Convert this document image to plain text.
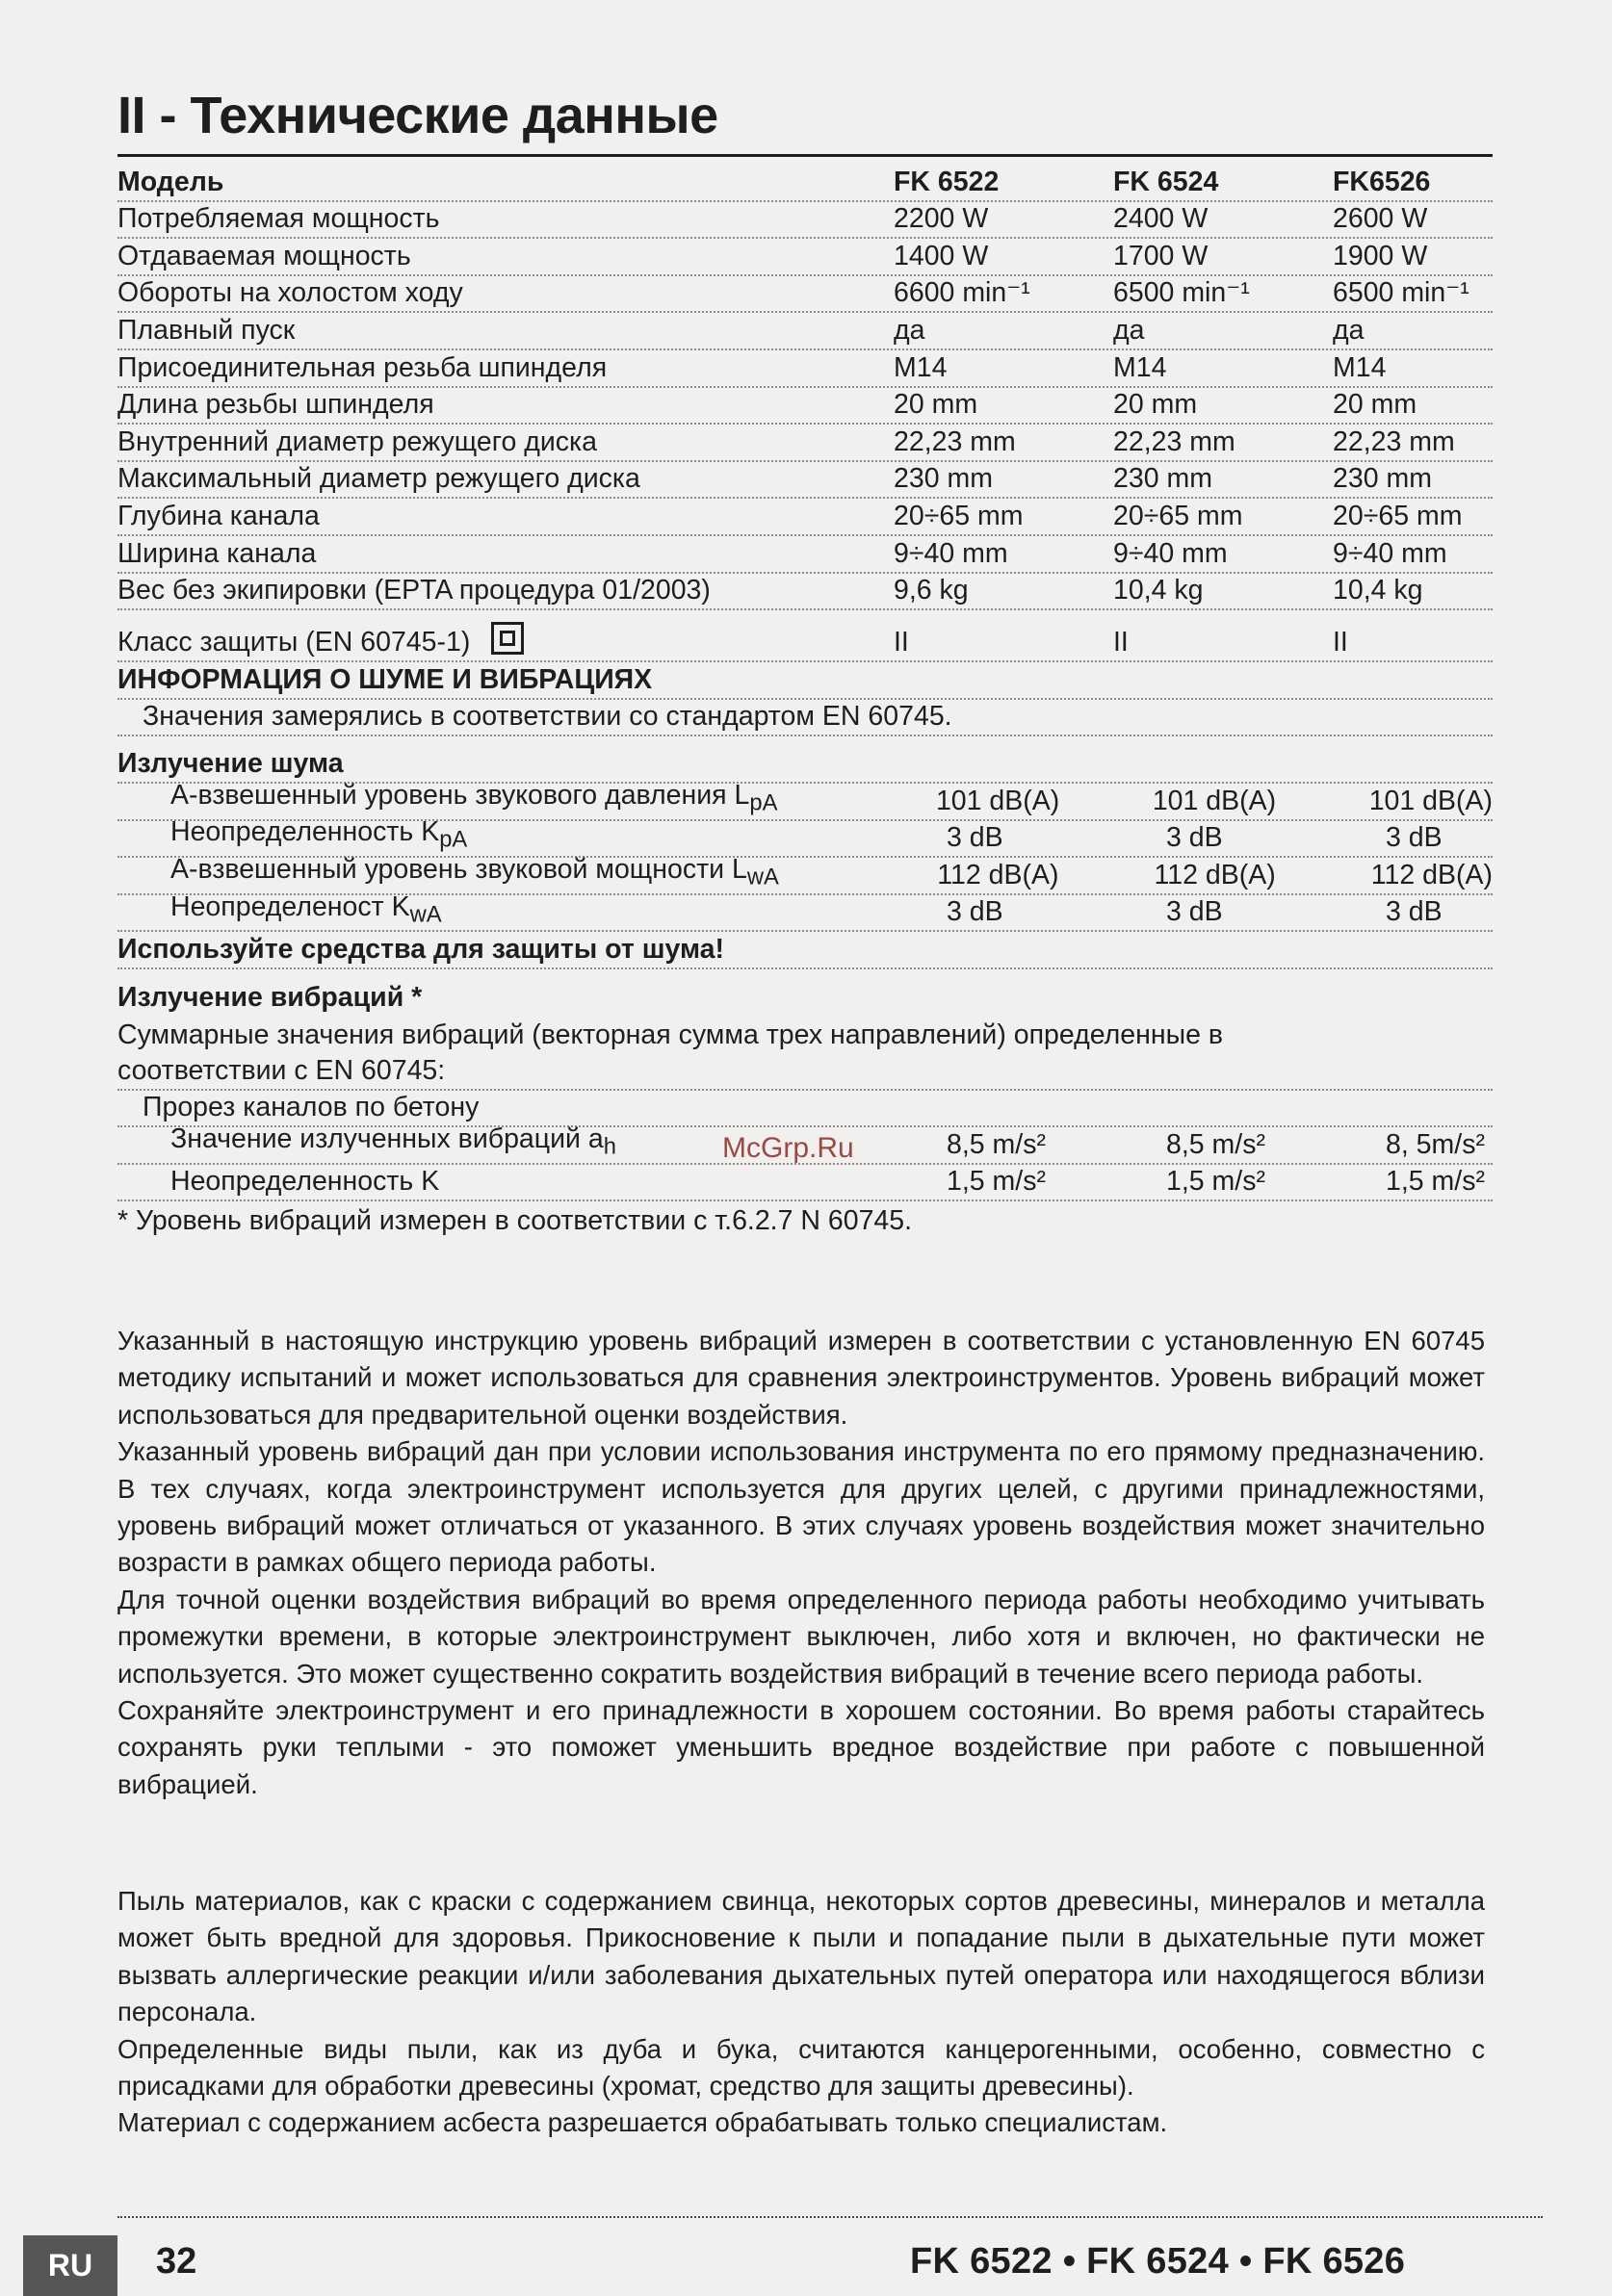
II - Технические данные
Модель	FK 6522	FK 6524	FK6526
Потребляемая мощность	2200 W	2400 W	2600 W
Отдаваемая мощность	1400 W	1700 W	1900 W
Обороты на холостом ходу	6600 min⁻¹	6500 min⁻¹	6500 min⁻¹
Плавный пуск	да	да	да
Присоединительная резьба шпинделя	M14	M14	M14
Длина резьбы шпинделя	20 mm	20 mm	20 mm
Внутренний диаметр режущего диска	22,23 mm	22,23 mm	22,23 mm
Максимальный диаметр режущего диска	230 mm	230 mm	230 mm
Глубина канала	20÷65 mm	20÷65 mm	20÷65 mm
Ширина канала	9÷40 mm	9÷40 mm	9÷40 mm
Вес без экипировки (EPTA процедура 01/2003)	9,6 kg	10,4 kg	10,4 kg
Класс защиты (EN 60745-1)	II	II	II
ИНФОРМАЦИЯ О ШУМЕ И ВИБРАЦИЯХ
Значения замерялись в соответствии со стандартом EN 60745.
Излучение шума
А-взвешенный уровень звукового давления $L_{pA}$	101 dB(A)	101 dB(A)	101 dB(A)
Неопределенность $K_{pA}$	3 dB	3 dB	3 dB
А-взвешенный уровень звуковой мощности $L_{wA}$	112 dB(A)	112 dB(A)	112 dB(A)
Неопределеност $K_{wA}$	3 dB	3 dB	3 dB
Используйте средства для защиты от шума!
Излучение вибраций *
Суммарные значения вибраций (векторная сумма трех направлений) определенные в
соответствии с EN 60745:
Прорез каналов по бетону
Значение излученных вибраций $a_h$	8,5 m/s²	8,5 m/s²	8, 5m/s²
Неопределенность K	1,5 m/s²	1,5 m/s²	1,5 m/s²
* Уровень вибраций измерен в соответствии с т.6.2.7 N 60745.
McGrp.Ru

Указанный в настоящую инструкцию уровень вибраций измерен в соответствии с установленную EN 60745 методику испытаний и может использоваться для сравнения электроинструментов. Уровень вибраций может использоваться для предварительной оценки воздействия.

Указанный уровень вибраций дан при условии использования инструмента по его прямому предназначению. В тех случаях, когда электроинструмент используется для других целей, с другими принадлежностями, уровень вибраций может отличаться от указанного. В этих случаях уровень воздействия может значительно возрасти в рамках общего периода работы.

Для точной оценки воздействия вибраций во время определенного периода работы необходимо учитывать промежутки времени, в которые электроинструмент выключен, либо хотя и включен, но фактически не используется. Это может существенно сократить воздействия вибраций в течение всего периода работы.

Сохраняйте электроинструмент и его принадлежности в хорошем состоянии. Во время работы старайтесь сохранять руки теплыми - это поможет уменьшить вредное воздействие при работе с повышенной вибрацией.

Пыль материалов, как с краски с содержанием свинца, некоторых сортов древесины, минералов и металла может быть вредной для здоровья. Прикосновение к пыли и попадание пыли в дыхательные пути может вызвать аллергические реакции и/или заболевания дыхательных путей оператора или находящегося вблизи персонала.

Определенные виды пыли, как из дуба и бука, считаются канцерогенными, особенно, совместно с присадками для обработки древесины (хромат, средство для защиты древесины).

Материал с содержанием асбеста разрешается обрабатывать только специалистам.

RU	32	FK 6522 • FK 6524 • FK 6526
